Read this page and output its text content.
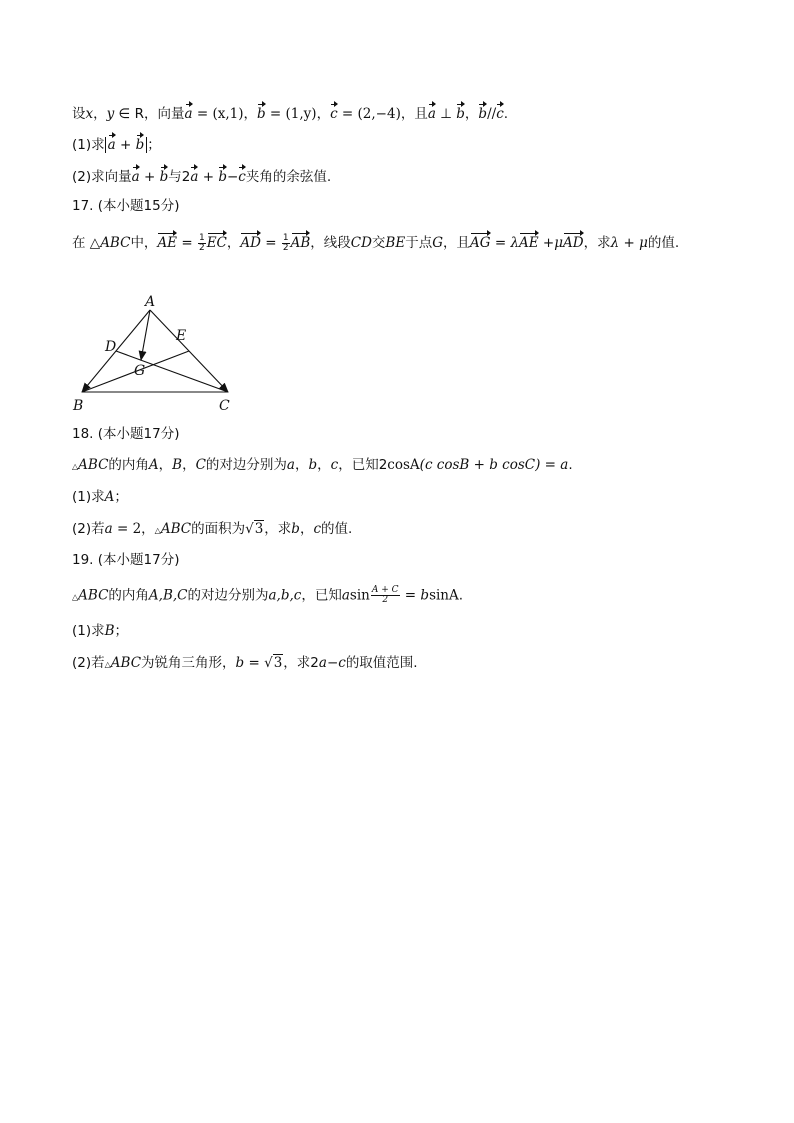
设x，y ∈ R，向量a = (x,1)，b = (1,y)，c = (2,−4)，且a ⊥ b，b//c.
(1)求 a + b ；
(2)求向量a + b与2a + b−c夹角的余弦值.
17. (本小题15分)
在 △ABC中，AE = $\frac{1}{2}$ EC，AD = $\frac{1}{2}$ AB，线段CD交BE于点G，且AG = λAE +μAD，求λ + μ的值.
A
B	C
D
E
G
18. (本小题17分)
△ABC的内角A，B，C的对边分别为a，b，c，已知2cosA(c cosB + b cosC) = a.
(1)求A；
(2)若a = 2，△ABC的面积为√3，求b，c的值.
19. (本小题17分)
△ABC的内角A,B,C的对边分别为a,b,c，已知asin $\frac{A + C}{2} = bsinA$.
(1)求B；
(2)若△ABC为锐角三角形，b = √3，求2a−c的取值范围.
